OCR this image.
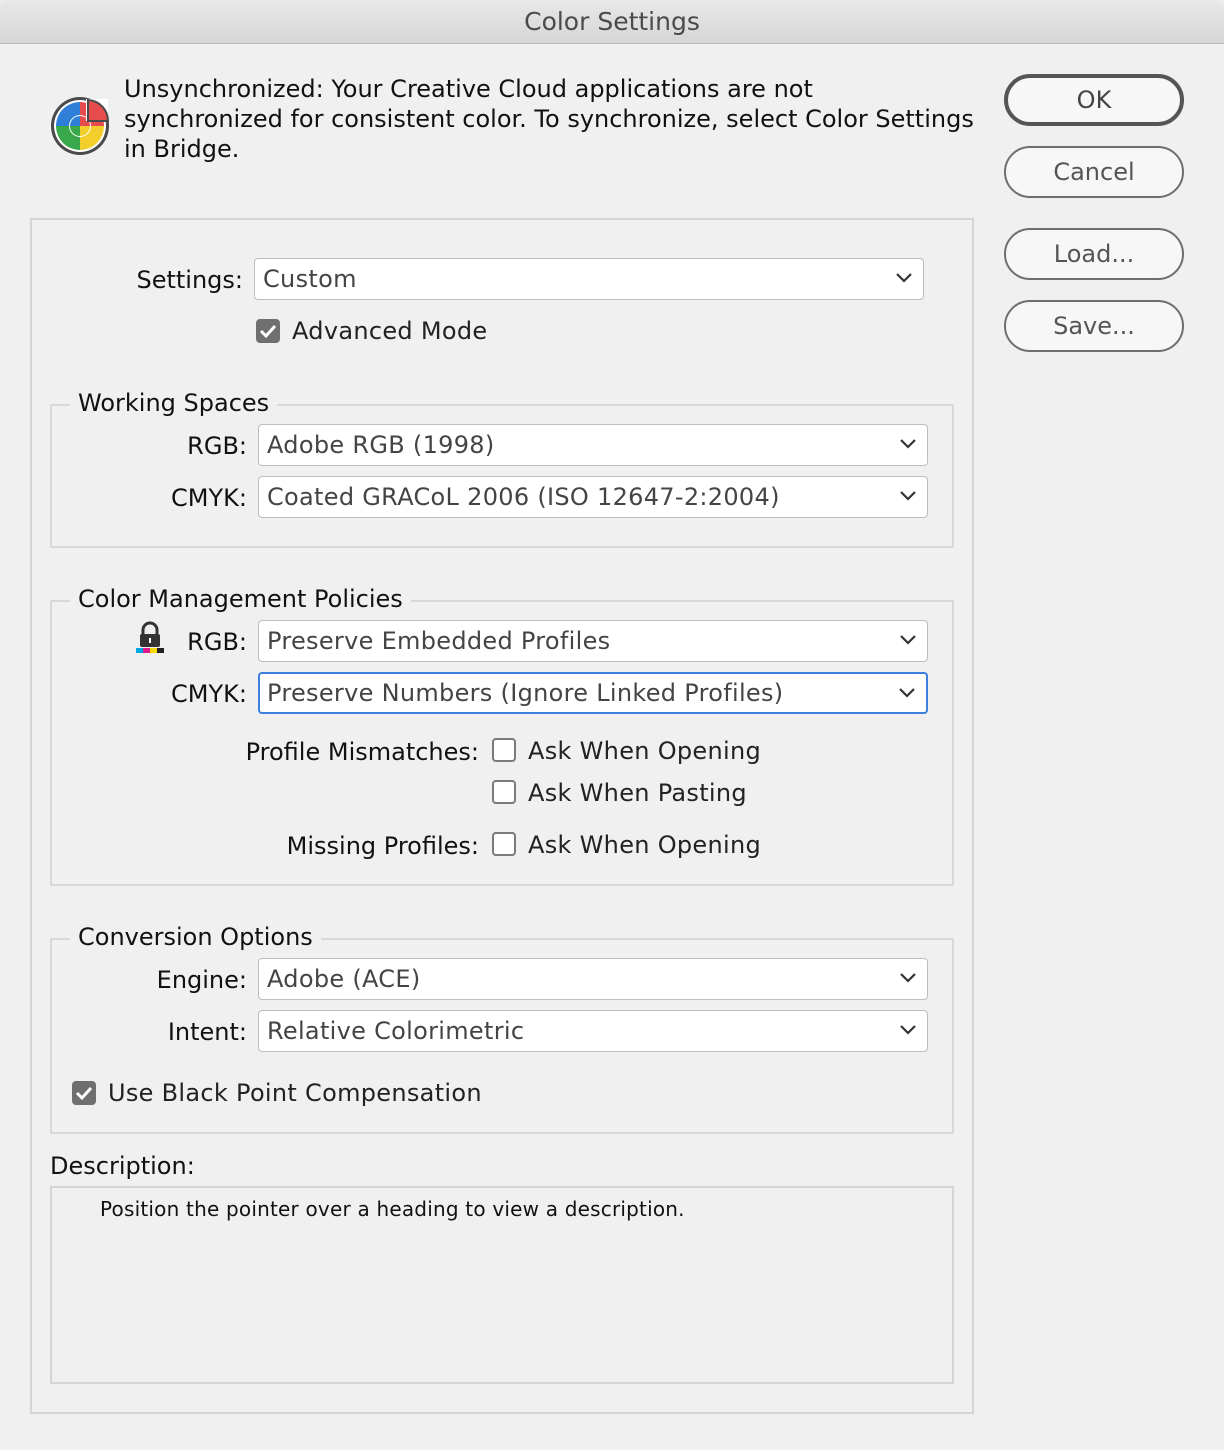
Color Settings
Unsynchronized: Your Creative Cloud applications are not synchronized for consistent color. To synchronize, select Color Settings in Bridge.
OK
Cancel
Load...
Save...
Settings: Custom
Advanced Mode
Working Spaces
RGB: Adobe RGB (1998)
CMYK: Coated GRACoL 2006 (ISO 12647-2:2004)
Color Management Policies
RGB: Preserve Embedded Profiles
CMYK: Preserve Numbers (Ignore Linked Profiles)
Profile Mismatches: Ask When Opening
Ask When Pasting
Missing Profiles: Ask When Opening
Conversion Options
Engine: Adobe (ACE)
Intent: Relative Colorimetric
Use Black Point Compensation
Description:
Position the pointer over a heading to view a description.
